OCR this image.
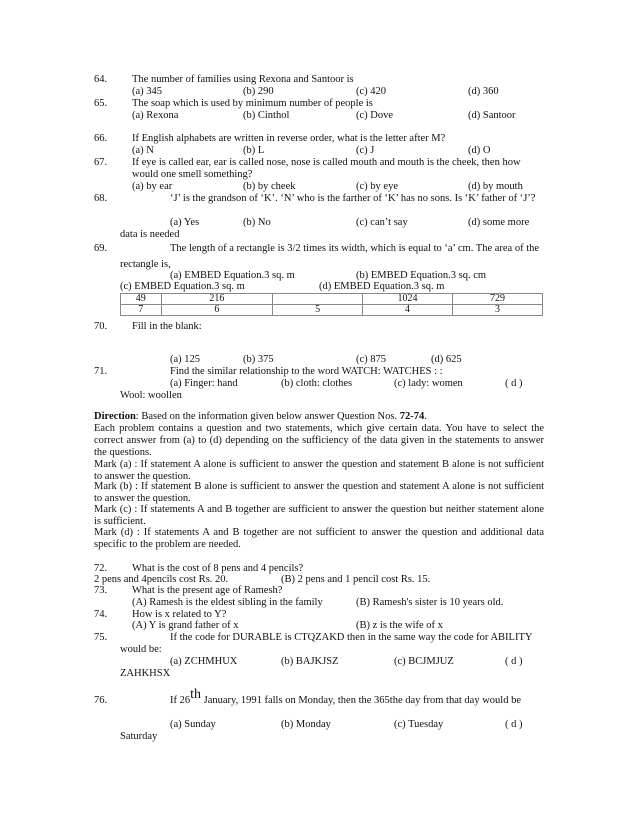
64. The number of families using Rexona and Santoor is
(a) 345	(b) 290	(c) 420	(d) 360
65. The soap which is used by minimum number of people is
(a) Rexona	(b) Cinthol	(c) Dove	(d) Santoor
66. If English alphabets are written in reverse order, what is the letter after M?
(a) N	(b) L	(c) J	(d) O
67. If eye is called ear, ear is called nose, nose is called mouth and mouth is the cheek, then how
would one smell something?
(a) by ear	(b) by cheek	(c) by eye	(d) by mouth
68.	‘J’ is the grandson of ‘K’. ‘N’ who is the farther of ‘K’ has no sons. Is ‘K’ father of ‘J’?
(a) Yes	(b) No	(c) can’t say	(d) some more
data is needed
69.	The length of a rectangle is 3/2 times its width, which is equal to ‘a’ cm. The area of the
rectangle is,
(a) EMBED Equation.3 sq. m	(b) EMBED Equation.3 sq. cm
(c) EMBED Equation.3 sq. m	(d) EMBED Equation.3 sq. m
49	216		1024	729
7	6	5	4	3
70. Fill in the blank:
(a) 125	(b) 375	(c) 875	(d) 625
71.	Find the similar relationship to the word WATCH: WATCHES : :
(a) Finger: hand	(b) cloth: clothes	(c) lady: women	( d )
Wool: woollen
Direction: Based on the information given below answer Question Nos. 72-74.
Each problem contains a question and two statements, which give certain data. You have to select the correct answer from (a) to (d) depending on the sufficiency of the data given in the statements to answer the questions.
Mark (a) : If statement A alone is sufficient to answer the question and statement B alone is not sufficient to answer the question.
Mark (b) : If statement B alone is sufficient to answer the question and statement A alone is not sufficient to answer the question.
Mark (c) : If statements A and B together are sufficient to answer the question but neither statement alone is sufficient.
Mark (d) : If statements A and B together are not sufficient to answer the question and additional data specific to the problem are needed.
72. What is the cost of 8 pens and 4 pencils?
2 pens and 4pencils cost Rs. 20.	(B) 2 pens and 1 pencil cost Rs. 15.
73. What is the present age of Ramesh?
(A) Ramesh is the eldest sibling in the family	(B) Ramesh's sister is 10 years old.
74. How is x related to Y?
(A) Y is grand father of x	(B) z is the wife of x
75.	If the code for DURABLE is CTQZAKD then in the same way the code for ABILITY
would be:
(a) ZCHMHUX	(b) BAJKJSZ	(c) BCJMJUZ	( d )
ZAHKHSX
76.	If 26th January, 1991 falls on Monday, then the 365the day from that day would be
(a) Sunday	(b) Monday	(c) Tuesday	( d )
Saturday
